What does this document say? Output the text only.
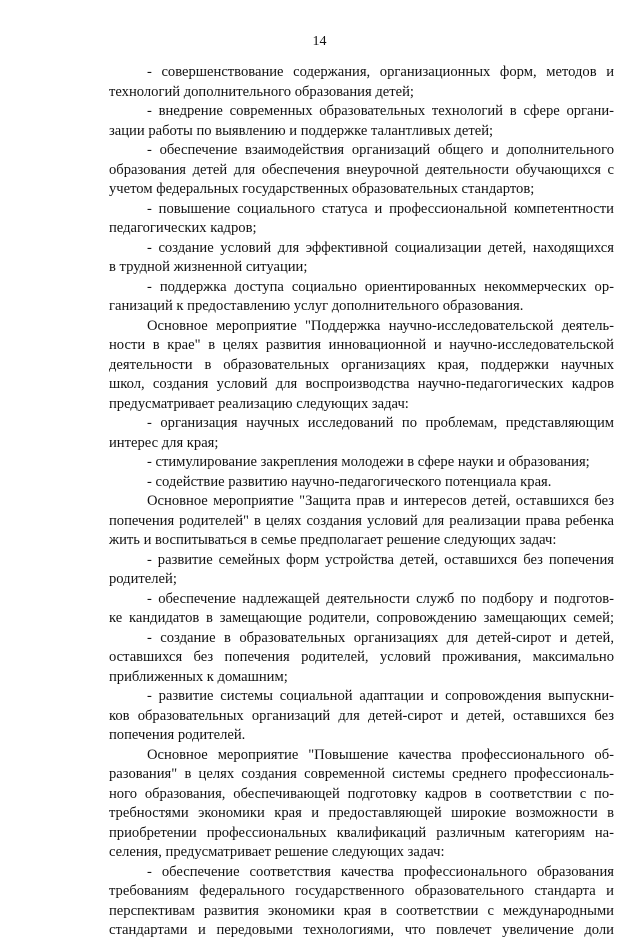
14
- совершенствование содержания, организационных форм, методов и
технологий дополнительного образования детей;
- внедрение современных образовательных технологий в сфере органи-
зации работы по выявлению и поддержке талантливых детей;
- обеспечение взаимодействия организаций общего и дополнительного
образования детей для обеспечения внеурочной деятельности обучающихся с
учетом федеральных государственных образовательных стандартов;
- повышение социального статуса и профессиональной компетентности
педагогических кадров;
- создание условий для эффективной социализации детей, находящихся
в трудной жизненной ситуации;
- поддержка доступа социально ориентированных некоммерческих ор-
ганизаций к предоставлению услуг дополнительного образования.
Основное мероприятие "Поддержка научно-исследовательской деятель-
ности в крае" в целях развития инновационной и научно-исследовательской
деятельности в образовательных организациях края, поддержки научных
школ, создания условий для воспроизводства научно-педагогических кадров
предусматривает реализацию следующих задач:
- организация научных исследований по проблемам, представляющим
интерес для края;
- стимулирование закрепления молодежи в сфере науки и образования;
- содействие развитию научно-педагогического потенциала края.
Основное мероприятие "Защита прав и интересов детей, оставшихся без
попечения родителей" в целях создания условий для реализации права ребенка
жить и воспитываться в семье предполагает решение следующих задач:
- развитие семейных форм устройства детей, оставшихся без попечения
родителей;
- обеспечение надлежащей деятельности служб по подбору и подготов-
ке кандидатов в замещающие родители, сопровождению замещающих семей;
- создание в образовательных организациях для детей-сирот и детей,
оставшихся без попечения родителей, условий проживания, максимально
приближенных к домашним;
- развитие системы социальной адаптации и сопровождения выпускни-
ков образовательных организаций для детей-сирот и детей, оставшихся без
попечения родителей.
Основное мероприятие "Повышение качества профессионального об-
разования" в целях создания современной системы среднего профессиональ-
ного образования, обеспечивающей подготовку кадров в соответствии с по-
требностями экономики края и предоставляющей широкие возможности в
приобретении профессиональных квалификаций различным категориям на-
селения, предусматривает решение следующих задач:
- обеспечение соответствия качества профессионального образования
требованиям федерального государственного образовательного стандарта и
перспективам развития экономики края в соответствии с международными
стандартами и передовыми технологиями, что повлечет увеличение доли
